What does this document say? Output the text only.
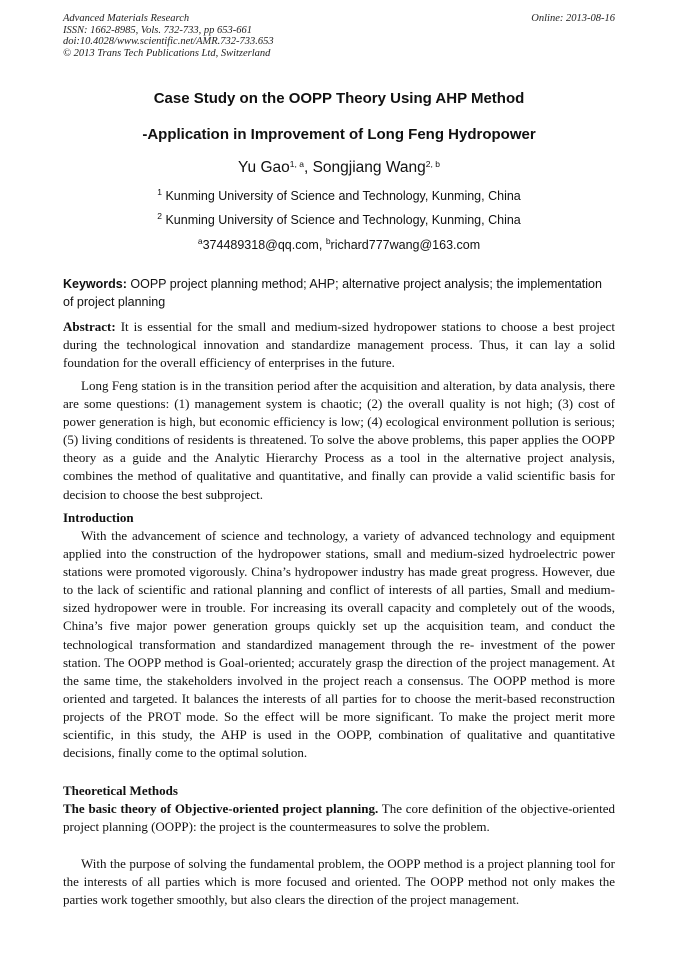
Advanced Materials Research
ISSN: 1662-8985, Vols. 732-733, pp 653-661
doi:10.4028/www.scientific.net/AMR.732-733.653
© 2013 Trans Tech Publications Ltd, Switzerland
Online: 2013-08-16
Case Study on the OOPP Theory Using AHP Method
-Application in Improvement of Long Feng Hydropower
Yu Gao$^{1, a}$, Songjiang Wang$^{2, b}$
$^1$ Kunming University of Science and Technology, Kunming, China
$^2$ Kunming University of Science and Technology, Kunming, China
$^a$374489318@qq.com, $^b$richard777wang@163.com
Keywords: OOPP project planning method; AHP; alternative project analysis; the implementation of project planning
Abstract: It is essential for the small and medium-sized hydropower stations to choose a best project during the technological innovation and standardize management process. Thus, it can lay a solid foundation for the overall efficiency of enterprises in the future.
Long Feng station is in the transition period after the acquisition and alteration, by data analysis, there are some questions: (1) management system is chaotic; (2) the overall quality is not high; (3) cost of power generation is high, but economic efficiency is low; (4) ecological environment pollution is serious; (5) living conditions of residents is threatened. To solve the above problems, this paper applies the OOPP theory as a guide and the Analytic Hierarchy Process as a tool in the alternative project analysis, combines the method of qualitative and quantitative, and finally can provide a valid scientific basis for decision to choose the best subproject.
Introduction
With the advancement of science and technology, a variety of advanced technology and equipment applied into the construction of the hydropower stations, small and medium-sized hydroelectric power stations were promoted vigorously. China’s hydropower industry has made great progress. However, due to the lack of scientific and rational planning and conflict of interests of all parties, Small and medium-sized hydropower were in trouble. For increasing its overall capacity and completely out of the woods, China’s five major power generation groups quickly set up the acquisition team, and conduct the technological transformation and standardized management through the re- investment of the power station. The OOPP method is Goal-oriented; accurately grasp the direction of the project management. At the same time, the stakeholders involved in the project reach a consensus. The OOPP method is more oriented and targeted. It balances the interests of all parties for to choose the merit-based reconstruction projects of the PROT mode. So the effect will be more significant. To make the project merit more scientific, in this study, the AHP is used in the OOPP, combination of qualitative and quantitative decisions, finally come to the optimal solution.
Theoretical Methods
The basic theory of Objective-oriented project planning. The core definition of the objective-oriented project planning (OOPP): the project is the countermeasures to solve the problem.
With the purpose of solving the fundamental problem, the OOPP method is a project planning tool for the interests of all parties which is more focused and oriented. The OOPP method not only makes the parties work together smoothly, but also clears the direction of the project management.
